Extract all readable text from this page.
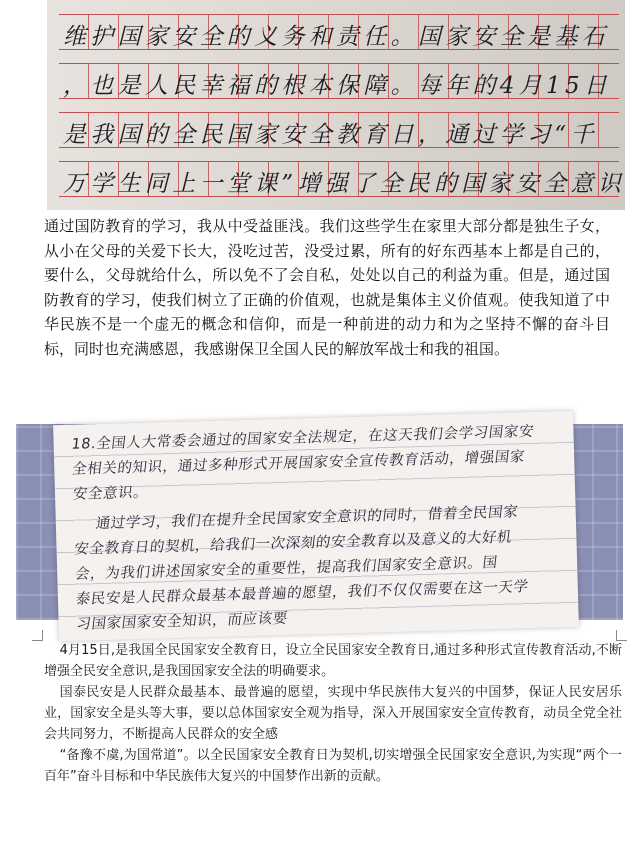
维护国家安全的义务和责任。国家安全是基石
，也是人民幸福的根本保障。每年的4月15日
是我国的全民国家安全教育日，通过学习“千
万学生同上一堂课”增强了全民的国家安全意识

通过国防教育的学习，我从中受益匪浅。我们这些学生在家里大部分都是独生子女，从小在父母的关爱下长大，没吃过苦，没受过累，所有的好东西基本上都是自己的，要什么，父母就给什么，所以免不了会自私，处处以自己的利益为重。但是，通过国防教育的学习，使我们树立了正确的价值观，也就是集体主义价值观。使我知道了中华民族不是一个虚无的概念和信仰，而是一种前进的动力和为之坚持不懈的奋斗目标，同时也充满感恩，我感谢保卫全国人民的解放军战士和我的祖国。

18.全国人大常委会通过的国家安全法规定，在这天我们会学习国家安
全相关的知识，通过多种形式开展国家安全宣传教育活动，增强国家
安全意识。
通过学习，我们在提升全民国家安全意识的同时，借着全民国家
安全教育日的契机，给我们一次深刻的安全教育以及意义的大好机
会，为我们讲述国家安全的重要性，提高我们国家安全意识。国
泰民安是人民群众最基本最普遍的愿望，我们不仅仅需要在这一天学
习国家国家安全知识，而应该要

4月15日,是我国全民国家安全教育日，设立全民国家安全教育日,通过多种形式宣传教育活动,不断增强全民安全意识,是我国国家安全法的明确要求。

国泰民安是人民群众最基本、最普遍的愿望，实现中华民族伟大复兴的中国梦，保证人民安居乐业，国家安全是头等大事，要以总体国家安全观为指导，深入开展国家安全宣传教育，动员全党全社会共同努力，不断提高人民群众的安全感

“备豫不虞,为国常道”。以全民国家安全教育日为契机,切实增强全民国家安全意识,为实现“两个一百年”奋斗目标和中华民族伟大复兴的中国梦作出新的贡献。
